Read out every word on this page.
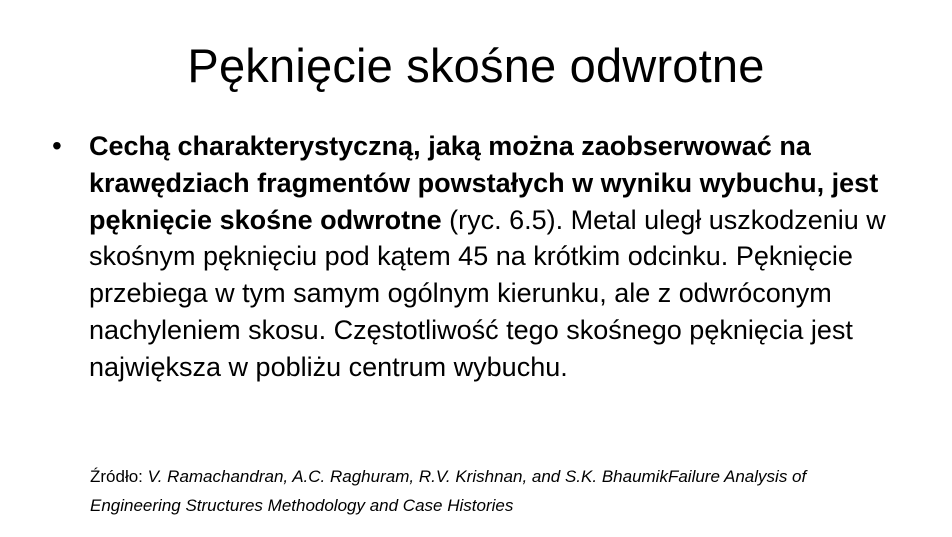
Pęknięcie skośne odwrotne
•	Cechą charakterystyczną, jaką można zaobserwować na krawędziach fragmentów powstałych w wyniku wybuchu, jest pęknięcie skośne odwrotne (ryc. 6.5). Metal uległ uszkodzeniu w skośnym pęknięciu pod kątem 45 na krótkim odcinku. Pęknięcie przebiega w tym samym ogólnym kierunku, ale z odwróconym nachyleniem skosu. Częstotliwość tego skośnego pęknięcia jest największa w pobliżu centrum wybuchu.
Źródło: V. Ramachandran, A.C. Raghuram, R.V. Krishnan, and S.K. BhaumikFailure Analysis of Engineering Structures Methodology and Case Histories
